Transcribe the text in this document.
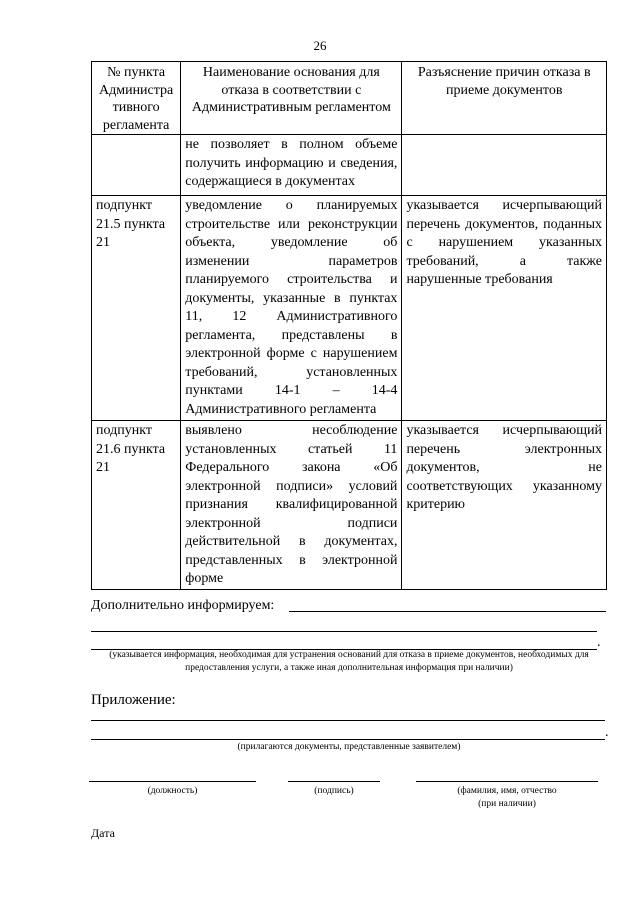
26
№ пункта Администра тивного регламента	Наименование основания для отказа в соответствии с Административным регламентом	Разъяснение причин отказа в приеме документов
	не позволяет в полном объеме получить информацию и сведения, содержащиеся в документах	
подпункт 21.5 пункта 21	уведомление о планируемых строительстве или реконструкции объекта, уведомление об изменении параметров планируемого строительства и документы, указанные в пунктах 11, 12 Административного регламента, представлены в электронной форме с нарушением требований, установленных пунктами 14-1 – 14-4 Административного регламента	указывается исчерпывающий перечень документов, поданных с нарушением указанных требований, а также нарушенные требования
подпункт 21.6 пункта 21	выявлено несоблюдение установленных статьей 11 Федерального закона «Об электронной подписи» условий признания квалифицированной электронной подписи действительной в документах, представленных в электронной форме	указывается исчерпывающий перечень электронных документов, не соответствующих указанному критерию
Дополнительно информируем:
.
(указывается информация, необходимая для устранения оснований для отказа в приеме документов, необходимых для предоставления услуги, а также иная дополнительная информация при наличии)
Приложение:
.
(прилагаются документы, представленные заявителем)
(должность)	(подпись)	(фамилия, имя, отчество
(при наличии)
Дата
